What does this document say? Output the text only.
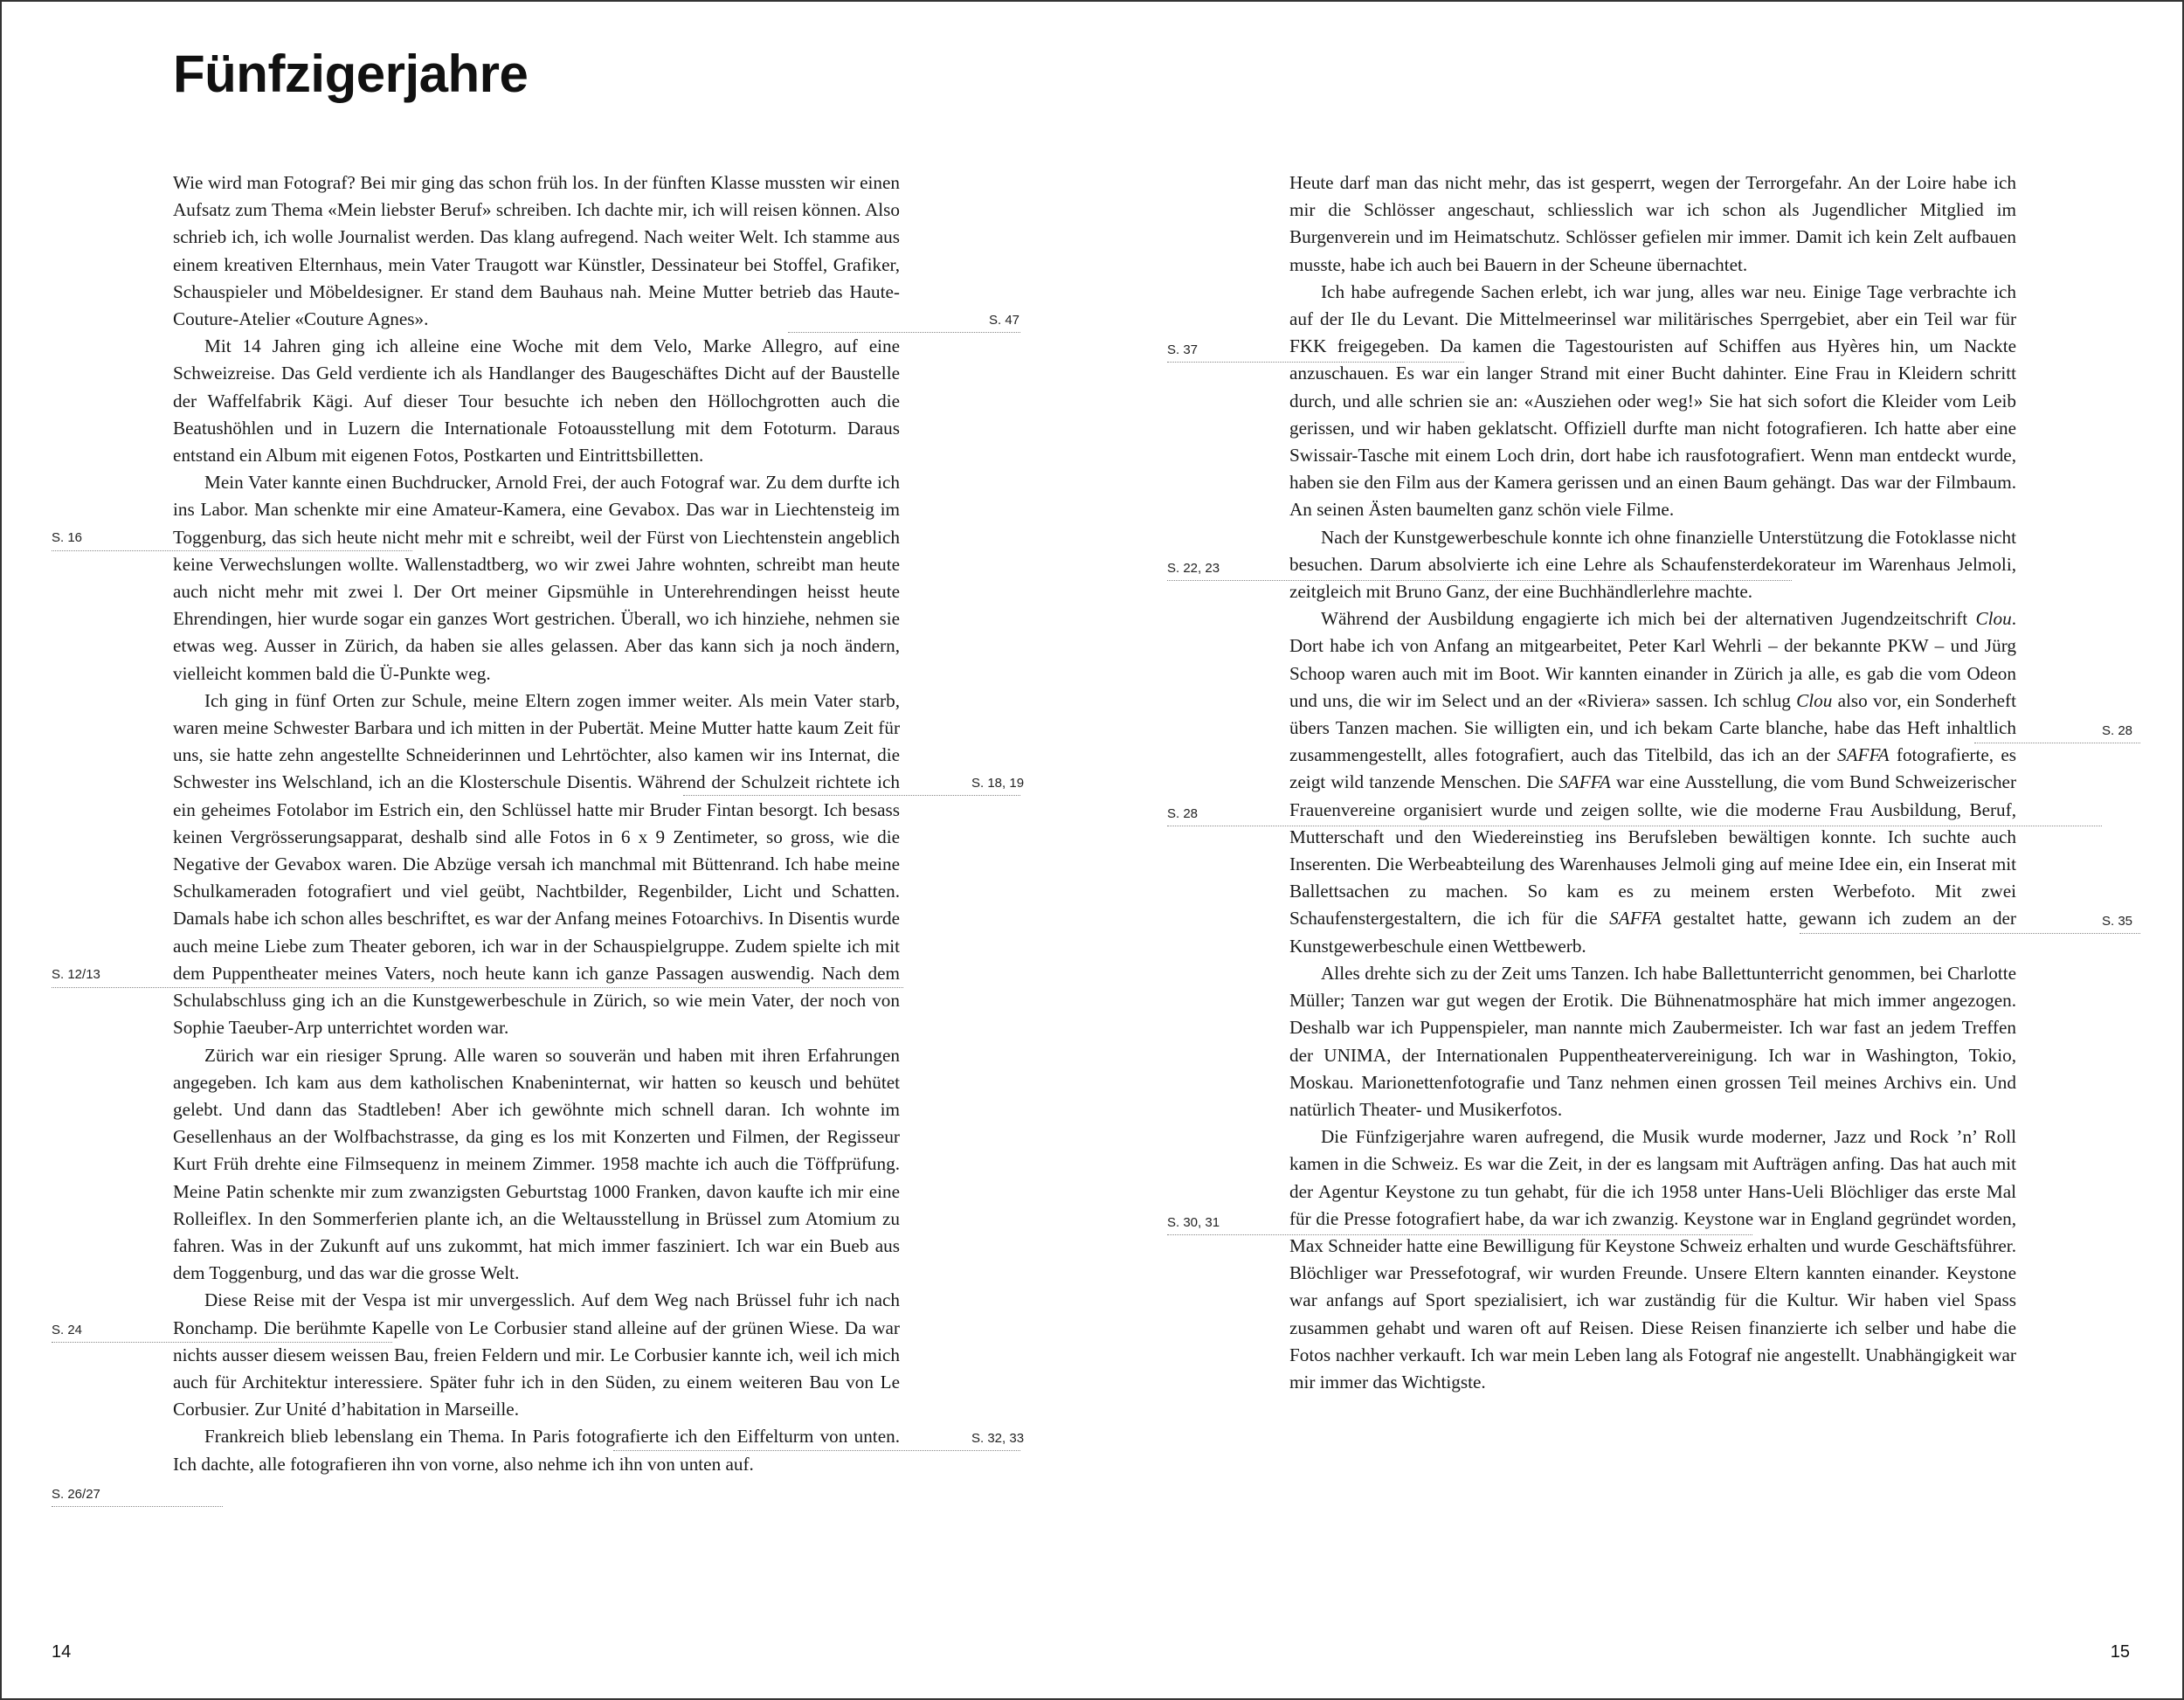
Fünfzigerjahre

Wie wird man Fotograf? Bei mir ging das schon früh los. In der fünften Klasse mussten wir einen Aufsatz zum Thema «Mein liebster Beruf» schreiben. Ich dachte mir, ich will reisen können. Also schrieb ich, ich wolle Journalist werden. Das klang aufregend. Nach weiter Welt. Ich stamme aus einem kreativen Elternhaus, mein Vater Traugott war Künstler, Dessinateur bei Stoffel, Grafiker, Schauspieler und Möbeldesigner. Er stand dem Bauhaus nah. Meine Mutter betrieb das Haute-Couture-Atelier «Couture Agnes».

Mit 14 Jahren ging ich alleine eine Woche mit dem Velo, Marke Allegro, auf eine Schweizreise. Das Geld verdiente ich als Handlanger des Baugeschäftes Dicht auf der Baustelle der Waffelfabrik Kägi. Auf dieser Tour besuchte ich neben den Höllochgrotten auch die Beatushöhlen und in Luzern die Internationale Fotoausstellung mit dem Fototurm. Daraus entstand ein Album mit eigenen Fotos, Postkarten und Eintrittsbilletten.

Mein Vater kannte einen Buchdrucker, Arnold Frei, der auch Fotograf war. Zu dem durfte ich ins Labor. Man schenkte mir eine Amateur-Kamera, eine Gevabox. Das war in Liechtensteig im Toggenburg, das sich heute nicht mehr mit e schreibt, weil der Fürst von Liechtenstein angeblich keine Verwechslungen wollte. Wallenstadtberg, wo wir zwei Jahre wohnten, schreibt man heute auch nicht mehr mit zwei l. Der Ort meiner Gipsmühle in Unterehrendingen heisst heute Ehrendingen, hier wurde sogar ein ganzes Wort gestrichen. Überall, wo ich hinziehe, nehmen sie etwas weg. Ausser in Zürich, da haben sie alles gelassen. Aber das kann sich ja noch ändern, vielleicht kommen bald die Ü-Punkte weg.

Ich ging in fünf Orten zur Schule, meine Eltern zogen immer weiter. Als mein Vater starb, waren meine Schwester Barbara und ich mitten in der Pubertät. Meine Mutter hatte kaum Zeit für uns, sie hatte zehn angestellte Schneiderinnen und Lehrtöchter, also kamen wir ins Internat, die Schwester ins Welschland, ich an die Klosterschule Disentis. Während der Schulzeit richtete ich ein geheimes Fotolabor im Estrich ein, den Schlüssel hatte mir Bruder Fintan besorgt. Ich besass keinen Vergrösserungsapparat, deshalb sind alle Fotos in 6 x 9 Zentimeter, so gross, wie die Negative der Gevabox waren. Die Abzüge versah ich manchmal mit Büttenrand. Ich habe meine Schulkameraden fotografiert und viel geübt, Nachtbilder, Regenbilder, Licht und Schatten. Damals habe ich schon alles beschriftet, es war der Anfang meines Fotoarchivs. In Disentis wurde auch meine Liebe zum Theater geboren, ich war in der Schauspielgruppe. Zudem spielte ich mit dem Puppentheater meines Vaters, noch heute kann ich ganze Passagen auswendig. Nach dem Schulabschluss ging ich an die Kunstgewerbeschule in Zürich, so wie mein Vater, der noch von Sophie Taeuber-Arp unterrichtet worden war.

Zürich war ein riesiger Sprung. Alle waren so souverän und haben mit ihren Erfahrungen angegeben. Ich kam aus dem katholischen Knabeninternat, wir hatten so keusch und behütet gelebt. Und dann das Stadtleben! Aber ich gewöhnte mich schnell daran. Ich wohnte im Gesellenhaus an der Wolfbachstrasse, da ging es los mit Konzerten und Filmen, der Regisseur Kurt Früh drehte eine Filmsequenz in meinem Zimmer. 1958 machte ich auch die Töffprüfung. Meine Patin schenkte mir zum zwanzigsten Geburtstag 1000 Franken, davon kaufte ich mir eine Rolleiflex. In den Sommerferien plante ich, an die Weltausstellung in Brüssel zum Atomium zu fahren. Was in der Zukunft auf uns zukommt, hat mich immer fasziniert. Ich war ein Bueb aus dem Toggenburg, und das war die grosse Welt.

Diese Reise mit der Vespa ist mir unvergesslich. Auf dem Weg nach Brüssel fuhr ich nach Ronchamp. Die berühmte Kapelle von Le Corbusier stand alleine auf der grünen Wiese. Da war nichts ausser diesem weissen Bau, freien Feldern und mir. Le Corbusier kannte ich, weil ich mich auch für Architektur interessiere. Später fuhr ich in den Süden, zu einem weiteren Bau von Le Corbusier. Zur Unité d’habitation in Marseille.

Frankreich blieb lebenslang ein Thema. In Paris fotografierte ich den Eiffelturm von unten. Ich dachte, alle fotografieren ihn von vorne, also nehme ich ihn von unten auf.

S. 47
S. 16
S. 18, 19
S. 12/13
S. 24
S. 32, 33
S. 26/27
14

Heute darf man das nicht mehr, das ist gesperrt, wegen der Terrorgefahr. An der Loire habe ich mir die Schlösser angeschaut, schliesslich war ich schon als Jugendlicher Mitglied im Burgenverein und im Heimatschutz. Schlösser gefielen mir immer. Damit ich kein Zelt aufbauen musste, habe ich auch bei Bauern in der Scheune übernachtet.

Ich habe aufregende Sachen erlebt, ich war jung, alles war neu. Einige Tage verbrachte ich auf der Ile du Levant. Die Mittelmeerinsel war militärisches Sperrgebiet, aber ein Teil war für FKK freigegeben. Da kamen die Tagestouristen auf Schiffen aus Hyères hin, um Nackte anzuschauen. Es war ein langer Strand mit einer Bucht dahinter. Eine Frau in Kleidern schritt durch, und alle schrien sie an: «Ausziehen oder weg!» Sie hat sich sofort die Kleider vom Leib gerissen, und wir haben geklatscht. Offiziell durfte man nicht fotografieren. Ich hatte aber eine Swissair-Tasche mit einem Loch drin, dort habe ich rausfotografiert. Wenn man entdeckt wurde, haben sie den Film aus der Kamera gerissen und an einen Baum gehängt. Das war der Filmbaum. An seinen Ästen baumelten ganz schön viele Filme.

Nach der Kunstgewerbeschule konnte ich ohne finanzielle Unterstützung die Fotoklasse nicht besuchen. Darum absolvierte ich eine Lehre als Schaufensterdekorateur im Warenhaus Jelmoli, zeitgleich mit Bruno Ganz, der eine Buchhändlerlehre machte.

Während der Ausbildung engagierte ich mich bei der alternativen Jugendzeitschrift Clou. Dort habe ich von Anfang an mitgearbeitet, Peter Karl Wehrli – der bekannte PKW – und Jürg Schoop waren auch mit im Boot. Wir kannten einander in Zürich ja alle, es gab die vom Odeon und uns, die wir im Select und an der «Riviera» sassen. Ich schlug Clou also vor, ein Sonderheft übers Tanzen machen. Sie willigten ein, und ich bekam Carte blanche, habe das Heft inhaltlich zusammengestellt, alles fotografiert, auch das Titelbild, das ich an der SAFFA fotografierte, es zeigt wild tanzende Menschen. Die SAFFA war eine Ausstellung, die vom Bund Schweizerischer Frauenvereine organisiert wurde und zeigen sollte, wie die moderne Frau Ausbildung, Beruf, Mutterschaft und den Wiedereinstieg ins Berufsleben bewältigen konnte. Ich suchte auch Inserenten. Die Werbeabteilung des Warenhauses Jelmoli ging auf meine Idee ein, ein Inserat mit Ballettsachen zu machen. So kam es zu meinem ersten Werbefoto. Mit zwei Schaufenstergestaltern, die ich für die SAFFA gestaltet hatte, gewann ich zudem an der Kunstgewerbeschule einen Wettbewerb.

Alles drehte sich zu der Zeit ums Tanzen. Ich habe Ballettunterricht genommen, bei Charlotte Müller; Tanzen war gut wegen der Erotik. Die Bühnenatmosphäre hat mich immer angezogen. Deshalb war ich Puppenspieler, man nannte mich Zaubermeister. Ich war fast an jedem Treffen der UNIMA, der Internationalen Puppentheatervereinigung. Ich war in Washington, Tokio, Moskau. Marionettenfotografie und Tanz nehmen einen grossen Teil meines Archivs ein. Und natürlich Theater- und Musikerfotos.

Die Fünfzigerjahre waren aufregend, die Musik wurde moderner, Jazz und Rock ’n’ Roll kamen in die Schweiz. Es war die Zeit, in der es langsam mit Aufträgen anfing. Das hat auch mit der Agentur Keystone zu tun gehabt, für die ich 1958 unter Hans-Ueli Blöchliger das erste Mal für die Presse fotografiert habe, da war ich zwanzig. Keystone war in England gegründet worden, Max Schneider hatte eine Bewilligung für Keystone Schweiz erhalten und wurde Geschäftsführer. Blöchliger war Pressefotograf, wir wurden Freunde. Unsere Eltern kannten einander. Keystone war anfangs auf Sport spezialisiert, ich war zuständig für die Kultur. Wir haben viel Spass zusammen gehabt und waren oft auf Reisen. Diese Reisen finanzierte ich selber und habe die Fotos nachher verkauft. Ich war mein Leben lang als Fotograf nie angestellt. Unabhängigkeit war mir immer das Wichtigste.

S. 37
S. 22, 23
S. 28
S. 28
S. 35
S. 30, 31
15
